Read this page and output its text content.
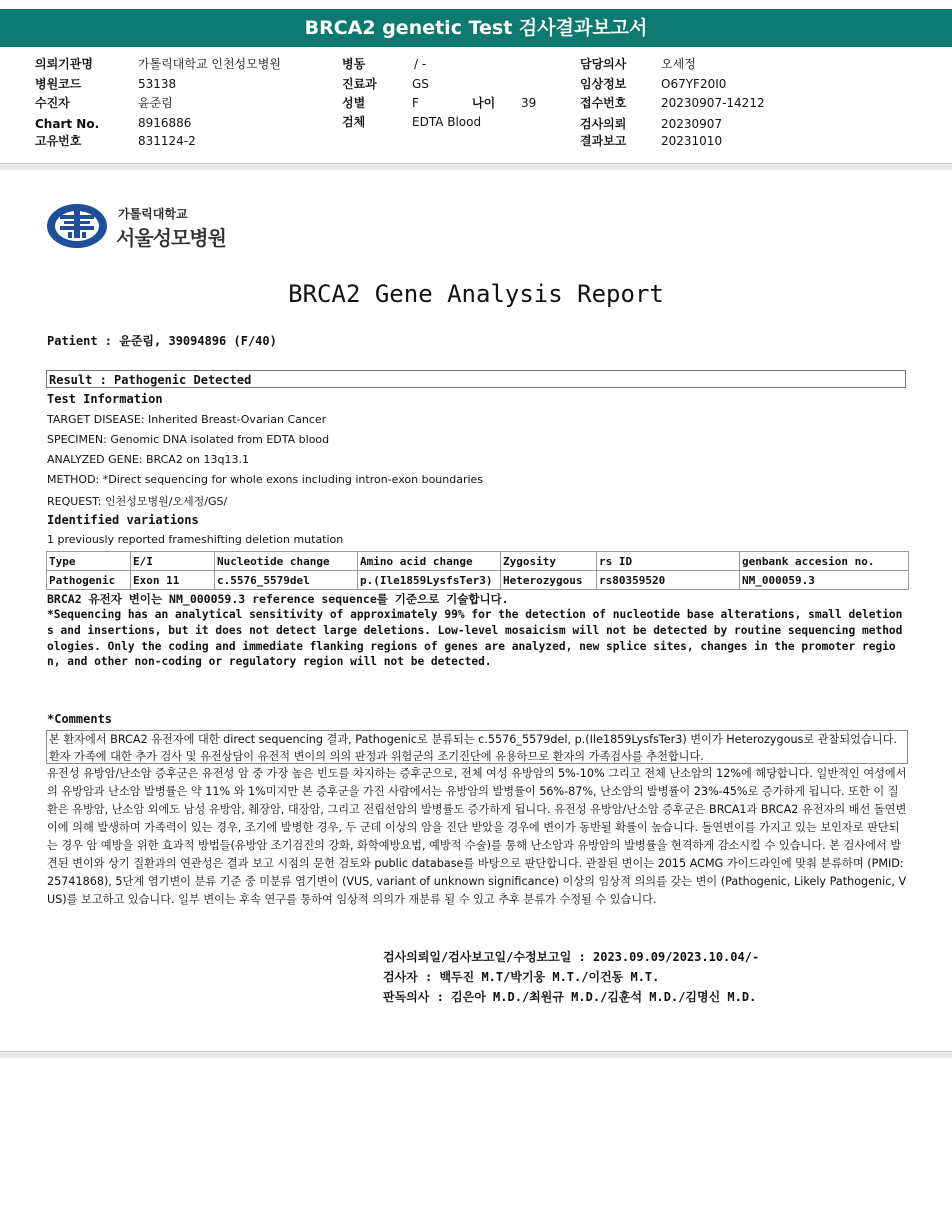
BRCA2 genetic Test 검사결과보고서
의뢰기관명	가톨릭대학교 인천성모병원
병원코드	53138
수진자	윤준림
Chart No.	8916886
고유번호	831124-2
병동	/ -
진료과	GS
성별	F	나이 39
검체	EDTA Blood
담당의사	오세정
임상정보	O67YF20I0
접수번호	20230907-14212
검사의뢰	20230907
결과보고	20231010
가톨릭대학교
서울성모병원
BRCA2 Gene Analysis Report
Patient : 윤준림, 39094896 (F/40)
Result : Pathogenic Detected
Test Information
TARGET DISEASE: Inherited Breast-Ovarian Cancer
SPECIMEN: Genomic DNA isolated from EDTA blood
ANALYZED GENE: BRCA2 on 13q13.1
METHOD: *Direct sequencing for whole exons including intron-exon boundaries
REQUEST: 인천성모병원/오세정/GS/
Identified variations
1 previously reported frameshifting deletion mutation
Type	E/I	Nucleotide change	Amino acid change	Zygosity	rs ID	genbank accesion no.
Pathogenic	Exon 11	c.5576_5579del	p.(Ile1859LysfsTer3)	Heterozygous	rs80359520	NM_000059.3
BRCA2 유전자 변이는 NM_000059.3 reference sequence를 기준으로 기술합니다.
*Sequencing has an analytical sensitivity of approximately 99% for the detection of nucleotide base alterations, small deletions and insertions, but it does not detect large deletions. Low-level mosaicism will not be detected by routine sequencing methodologies. Only the coding and immediate flanking regions of genes are analyzed, new splice sites, changes in the promoter region, and other non-coding or regulatory region will not be detected.
*Comments
본 환자에서 BRCA2 유전자에 대한 direct sequencing 결과, Pathogenic로 분류되는 c.5576_5579del, p.(Ile1859LysfsTer3) 변이가 Heterozygous로 관찰되었습니다. 환자 가족에 대한 추가 검사 및 유전상담이 유전적 변이의 의의 판정과 위험군의 조기진단에 유용하므로 환자의 가족검사를 추천합니다.
유전성 유방암/난소암 증후군은 유전성 암 중 가장 높은 빈도를 차지하는 증후군으로, 전체 여성 유방암의 5%-10% 그리고 전체 난소암의 12%에 해당합니다. 일반적인 여성에서의 유방암과 난소암 발병률은 약 11% 와 1%미지만 본 증후군을 가진 사람에서는 유방암의 발병률이 56%-87%, 난소암의 발병률이 23%-45%로 증가하게 됩니다. 또한 이 질환은 유방암, 난소암 외에도 남성 유방암, 췌장암, 대장암, 그리고 전립선암의 발병률도 증가하게 됩니다. 유전성 유방암/난소암 증후군은 BRCA1과 BRCA2 유전자의 배선 돌연변이에 의해 발생하며 가족력이 있는 경우, 조기에 발병한 경우, 두 군데 이상의 암을 진단 받았을 경우에 변이가 동반될 확률이 높습니다. 돌연변이를 가지고 있는 보인자로 판단되는 경우 암 예방을 위한 효과적 방법들(유방암 조기검진의 강화, 화학예방요법, 예방적 수술)를 통해 난소암과 유방암의 발병률을 현격하게 감소시킬 수 있습니다. 본 검사에서 발견된 변이와 상기 질환과의 연관성은 결과 보고 시점의 문헌 검토와 public database를 바탕으로 판단합니다. 관찰된 변이는 2015 ACMG 가이드라인에 맞춰 분류하며 (PMID: 25741868), 5단계 염기변이 분류 기준 중 미분류 염기변이 (VUS, variant of unknown significance) 이상의 임상적 의의를 갖는 변이 (Pathogenic, Likely Pathogenic, VUS)를 보고하고 있습니다. 일부 변이는 후속 연구를 통하여 임상적 의의가 재분류 될 수 있고 추후 분류가 수정될 수 있습니다.
검사의뢰일/검사보고일/수정보고일 : 2023.09.09/2023.10.04/-
검사자 : 백두진 M.T/박기웅 M.T./이건동 M.T.
판독의사 : 김은아 M.D./최원규 M.D./김훈석 M.D./김명신 M.D.
